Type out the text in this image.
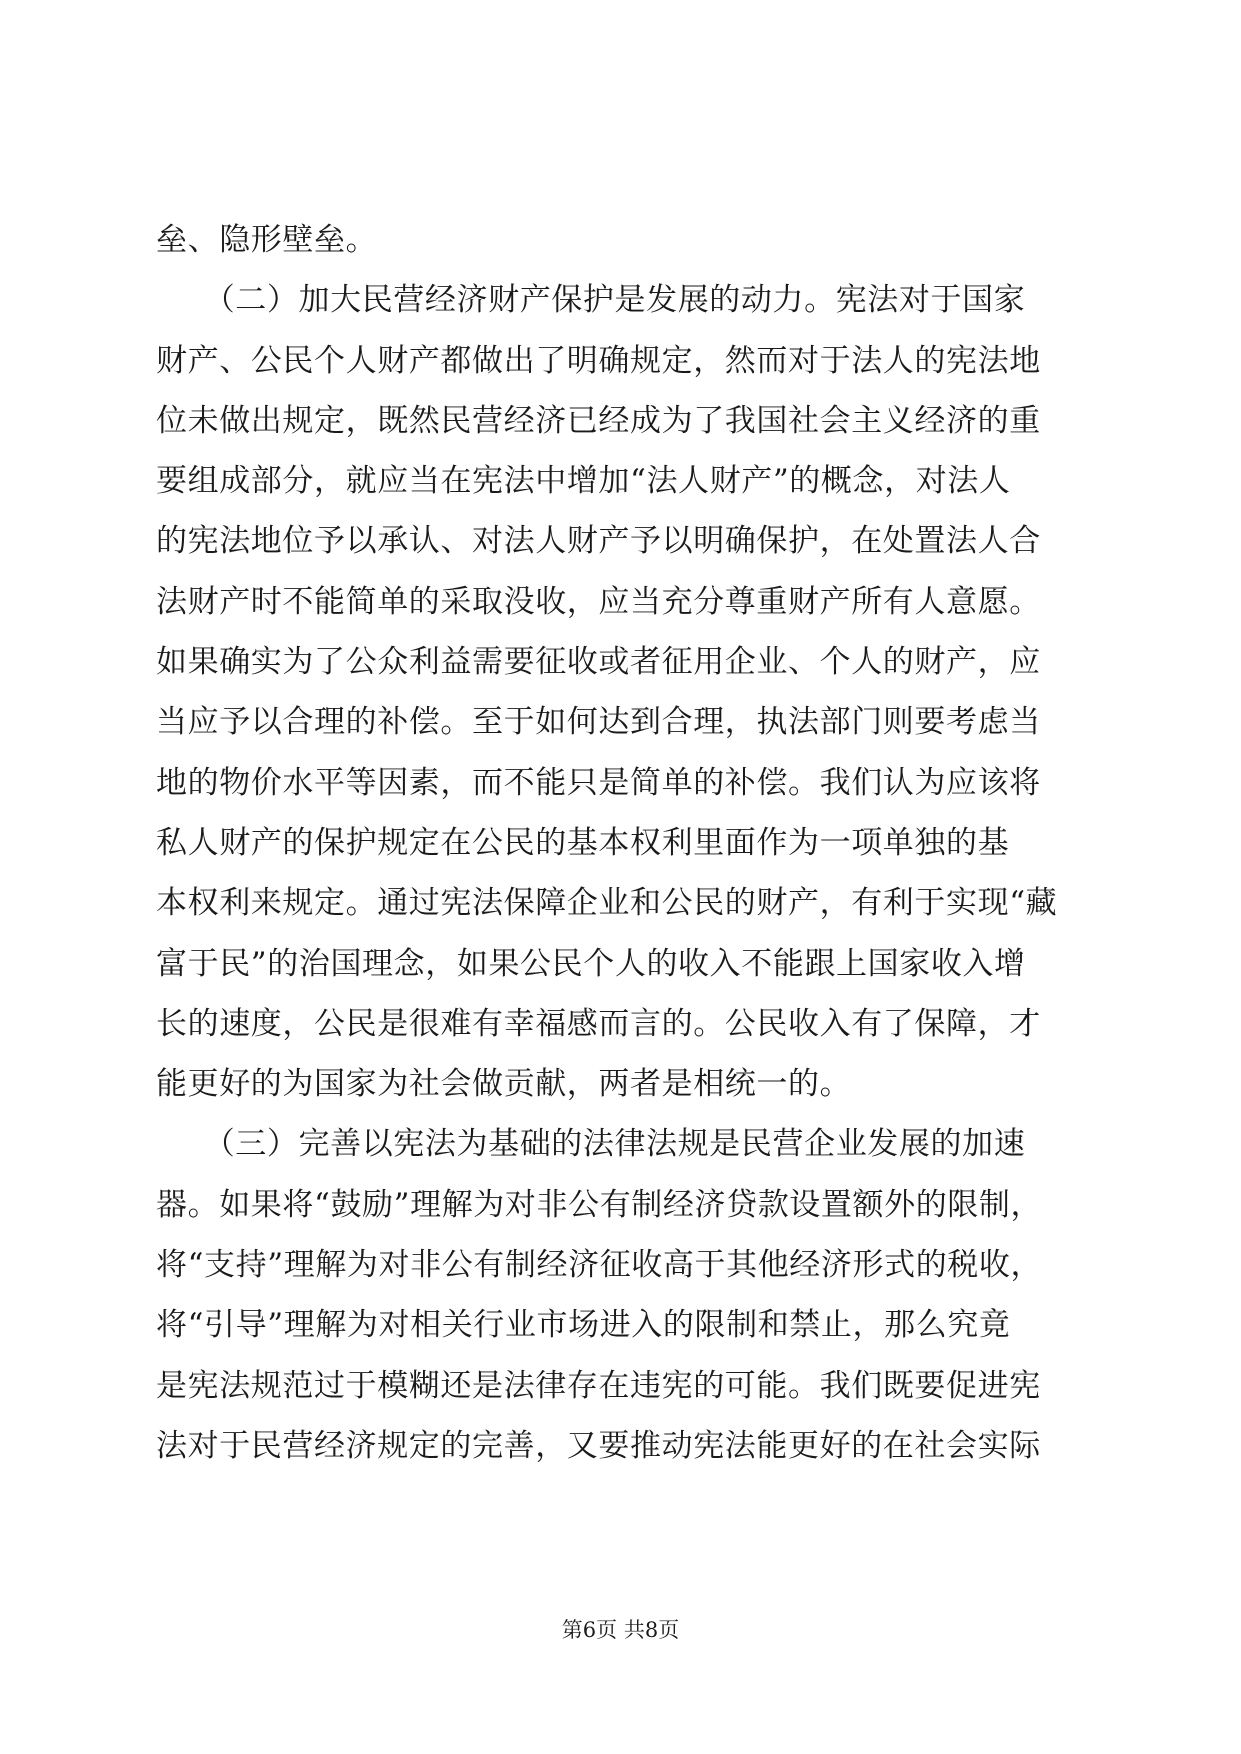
垒、隐形壁垒。
　　（二）加大民营经济财产保护是发展的动力。宪法对于国家
财产、公民个人财产都做出了明确规定，然而对于法人的宪法地
位未做出规定，既然民营经济已经成为了我国社会主义经济的重
要组成部分，就应当在宪法中增加“法人财产”的概念，对法人
的宪法地位予以承认、对法人财产予以明确保护，在处置法人合
法财产时不能简单的采取没收，应当充分尊重财产所有人意愿。
如果确实为了公众利益需要征收或者征用企业、个人的财产，应
当应予以合理的补偿。至于如何达到合理，执法部门则要考虑当
地的物价水平等因素，而不能只是简单的补偿。我们认为应该将
私人财产的保护规定在公民的基本权利里面作为一项单独的基
本权利来规定。通过宪法保障企业和公民的财产，有利于实现“藏
富于民”的治国理念，如果公民个人的收入不能跟上国家收入增
长的速度，公民是很难有幸福感而言的。公民收入有了保障，才
能更好的为国家为社会做贡献，两者是相统一的。
　　（三）完善以宪法为基础的法律法规是民营企业发展的加速
器。如果将“鼓励”理解为对非公有制经济贷款设置额外的限制，
将“支持”理解为对非公有制经济征收高于其他经济形式的税收，
将“引导”理解为对相关行业市场进入的限制和禁止，那么究竟
是宪法规范过于模糊还是法律存在违宪的可能。我们既要促进宪
法对于民营经济规定的完善，又要推动宪法能更好的在社会实际
第6页 共8页
